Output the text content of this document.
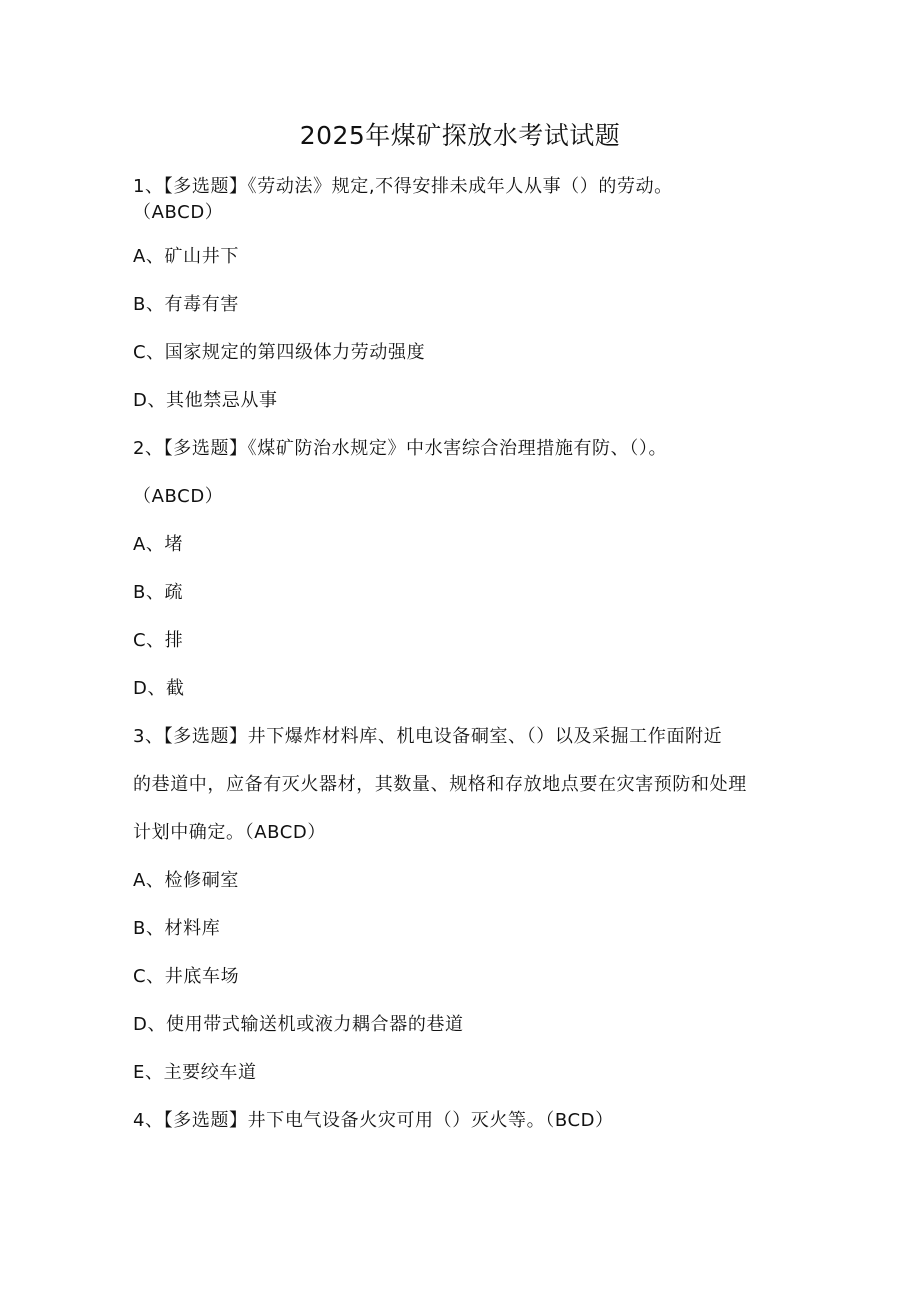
2025年煤矿探放水考试试题
1、【多选题】《劳动法》规定,不得安排未成年人从事（）的劳动。
（ABCD）
A、矿山井下
B、有毒有害
C、国家规定的第四级体力劳动强度
D、其他禁忌从事
2、【多选题】《煤矿防治水规定》中水害综合治理措施有防、（）。
（ABCD）
A、堵
B、疏
C、排
D、截
3、【多选题】井下爆炸材料库、机电设备硐室、（）以及采掘工作面附近
的巷道中，应备有灭火器材，其数量、规格和存放地点要在灾害预防和处理
计划中确定。（ABCD）
A、检修硐室
B、材料库
C、井底车场
D、使用带式输送机或液力耦合器的巷道
E、主要绞车道
4、【多选题】井下电气设备火灾可用（）灭火等。（BCD）
